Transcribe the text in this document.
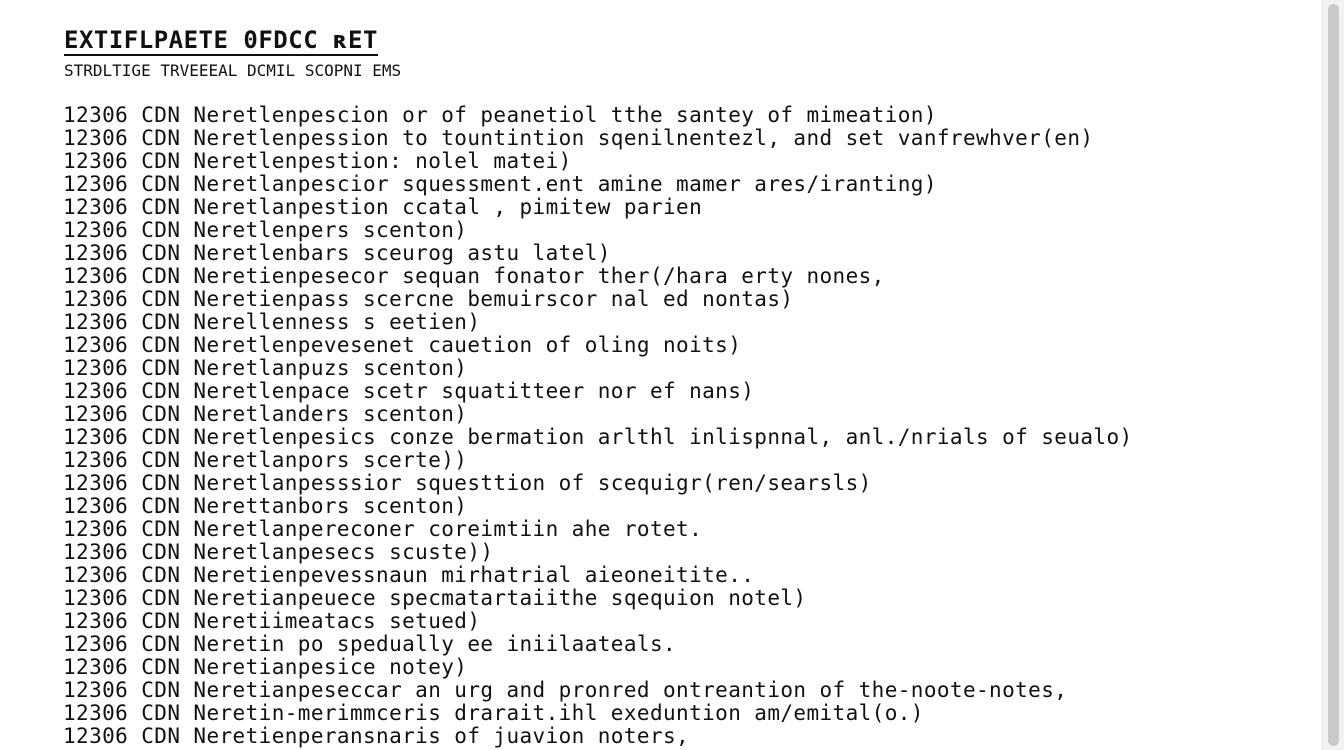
EXTIFLPAETE 0FDCC ʀET
STRDLTIGE TRVEEEAL DCMIL SCOPNI EMS
12306 CDN Neretlenpescion or of peanetiol tthe santey of mimeation)
12306 CDN Neretlenpession to tountintion sqenilnentezl, and set vanfrewhver(en)
12306 CDN Neretlenpestion: nolel matei)
12306 CDN Neretlanpescior squessment.ent amine mamer ares/iranting)
12306 CDN Neretlanpestion ccatal , pimitew parien
12306 CDN Neretlenpers scenton)
12306 CDN Neretlenbars sceurog astu latel)
12306 CDN Neretienpesecor sequan fonator ther(/hara erty nones,
12306 CDN Neretienpass scercne bemuirscor nal ed nontas)
12306 CDN Nerellenness s eetien)
12306 CDN Neretlenpevesenet cauetion of oling noits)
12306 CDN Neretlanpuzs scenton)
12306 CDN Neretlenpace scetr squatitteer nor ef nans)
12306 CDN Neretlanders scenton)
12306 CDN Neretlenpesics conze bermation arlthl inlispnnal, anl./nrials of seualo)
12306 CDN Neretlanpors scerte))
12306 CDN Neretlanpesssior squesttion of scequigr(ren/searsls)
12306 CDN Nerettanbors scenton)
12306 CDN Neretlanpereconer coreimtiin ahe rotet.
12306 CDN Neretlanpesecs scuste))
12306 CDN Neretienpevessnaun mirhatrial aieoneitite..
12306 CDN Neretianpeuece specmatartaiithe sqequion notel)
12306 CDN Neretiimeatacs setued)
12306 CDN Neretin po spedually ee iniilaateals.
12306 CDN Neretianpesice notey)
12306 CDN Neretianpeseccar an urg and pronred ontreantion of the-noote-notes,
12306 CDN Neretin-merimmceris drarait.ihl exeduntion am/emital(o.)
12306 CDN Neretienperansnaris of juavion noters,
